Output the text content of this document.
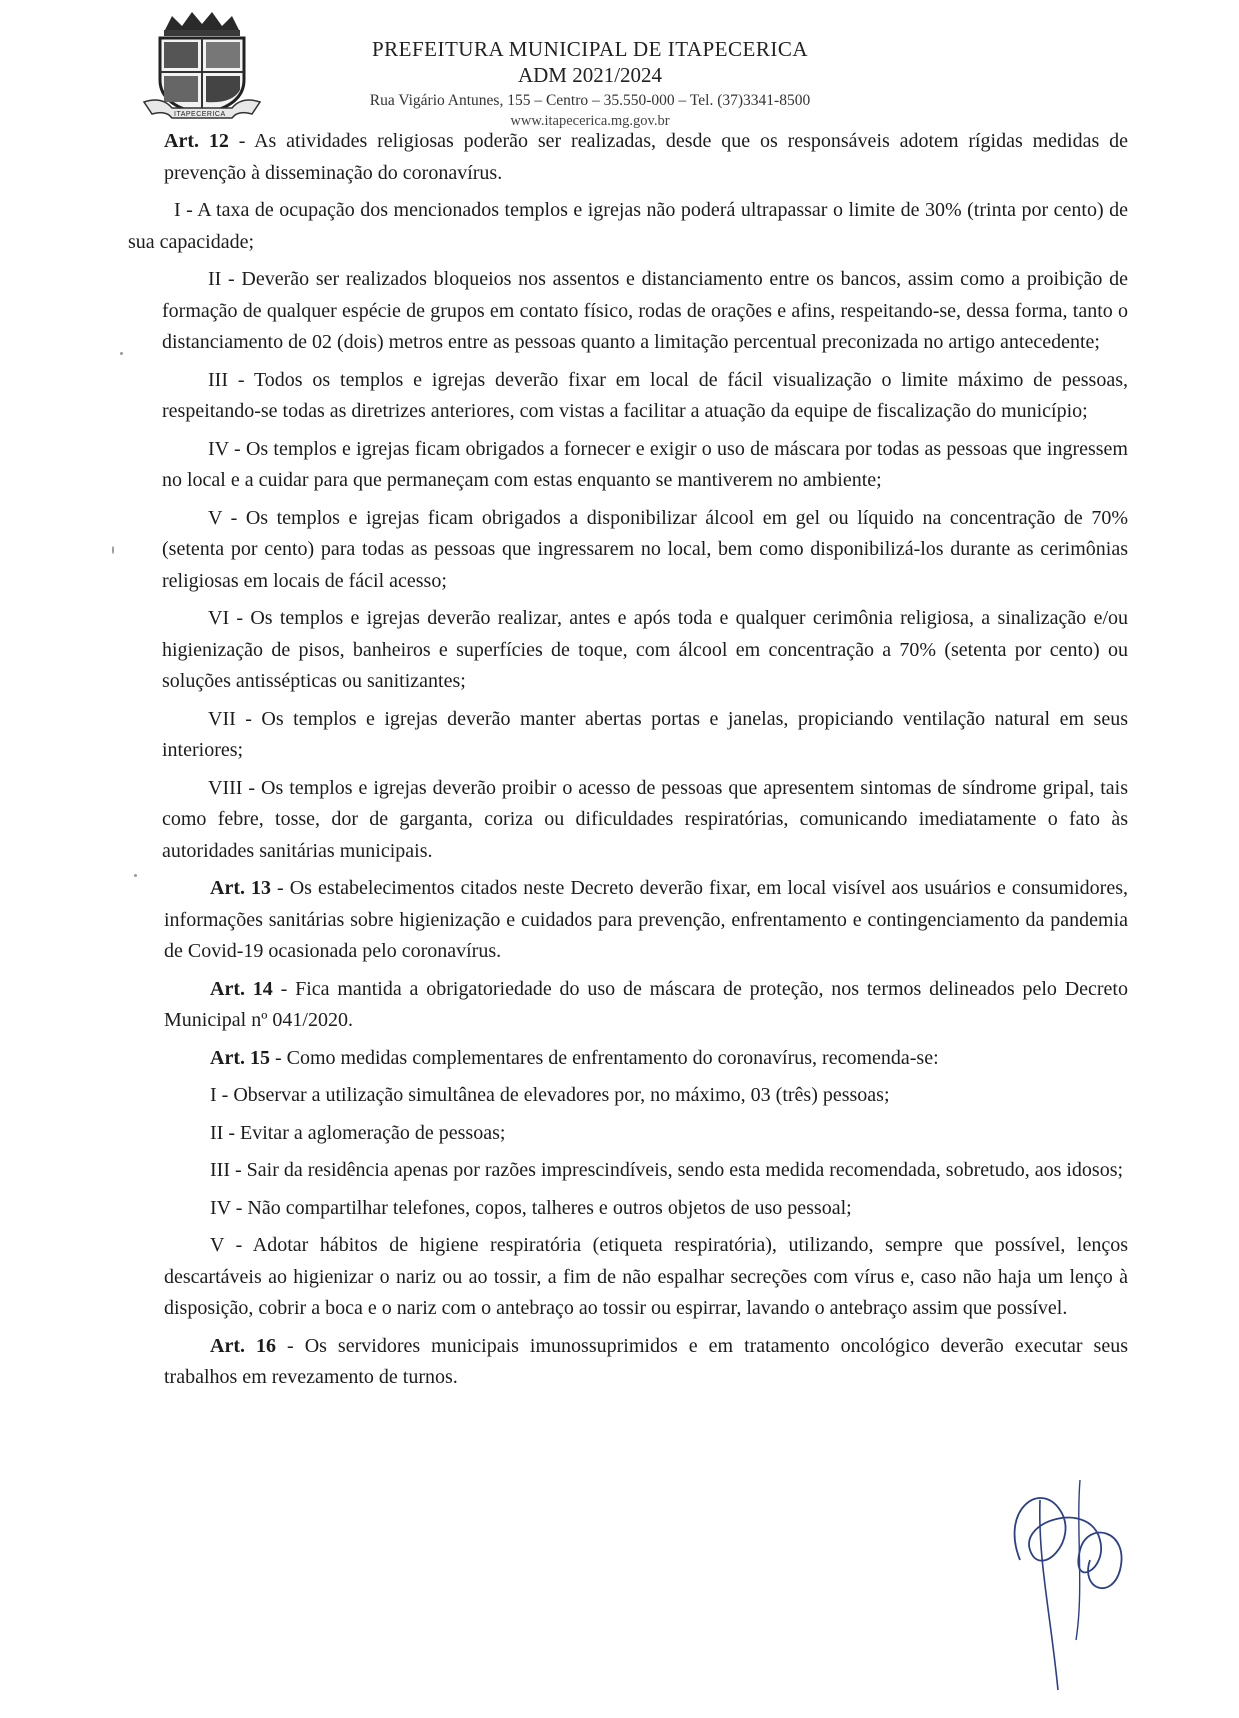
ITAPECERICA
PREFEITURA MUNICIPAL DE ITAPECERICA
ADM 2021/2024
Rua Vigário Antunes, 155 – Centro – 35.550-000 – Tel. (37)3341-8500
www.itapecerica.mg.gov.br

Art. 12 - As atividades religiosas poderão ser realizadas, desde que os responsáveis adotem rígidas medidas de prevenção à disseminação do coronavírus.

I - A taxa de ocupação dos mencionados templos e igrejas não poderá ultrapassar o limite de 30% (trinta por cento) de sua capacidade;

II - Deverão ser realizados bloqueios nos assentos e distanciamento entre os bancos, assim como a proibição de formação de qualquer espécie de grupos em contato físico, rodas de orações e afins, respeitando-se, dessa forma, tanto o distanciamento de 02 (dois) metros entre as pessoas quanto a limitação percentual preconizada no artigo antecedente;

III - Todos os templos e igrejas deverão fixar em local de fácil visualização o limite máximo de pessoas, respeitando-se todas as diretrizes anteriores, com vistas a facilitar a atuação da equipe de fiscalização do município;

IV - Os templos e igrejas ficam obrigados a fornecer e exigir o uso de máscara por todas as pessoas que ingressem no local e a cuidar para que permaneçam com estas enquanto se mantiverem no ambiente;

V - Os templos e igrejas ficam obrigados a disponibilizar álcool em gel ou líquido na concentração de 70% (setenta por cento) para todas as pessoas que ingressarem no local, bem como disponibilizá-los durante as cerimônias religiosas em locais de fácil acesso;

VI - Os templos e igrejas deverão realizar, antes e após toda e qualquer cerimônia religiosa, a sinalização e/ou higienização de pisos, banheiros e superfícies de toque, com álcool em concentração a 70% (setenta por cento) ou soluções antissépticas ou sanitizantes;

VII - Os templos e igrejas deverão manter abertas portas e janelas, propiciando ventilação natural em seus interiores;

VIII - Os templos e igrejas deverão proibir o acesso de pessoas que apresentem sintomas de síndrome gripal, tais como febre, tosse, dor de garganta, coriza ou dificuldades respiratórias, comunicando imediatamente o fato às autoridades sanitárias municipais.

Art. 13 - Os estabelecimentos citados neste Decreto deverão fixar, em local visível aos usuários e consumidores, informações sanitárias sobre higienização e cuidados para prevenção, enfrentamento e contingenciamento da pandemia de Covid-19 ocasionada pelo coronavírus.

Art. 14 - Fica mantida a obrigatoriedade do uso de máscara de proteção, nos termos delineados pelo Decreto Municipal nº 041/2020.

Art. 15 - Como medidas complementares de enfrentamento do coronavírus, recomenda-se:

I - Observar a utilização simultânea de elevadores por, no máximo, 03 (três) pessoas;

II - Evitar a aglomeração de pessoas;

III - Sair da residência apenas por razões imprescindíveis, sendo esta medida recomendada, sobretudo, aos idosos;

IV - Não compartilhar telefones, copos, talheres e outros objetos de uso pessoal;

V - Adotar hábitos de higiene respiratória (etiqueta respiratória), utilizando, sempre que possível, lenços descartáveis ao higienizar o nariz ou ao tossir, a fim de não espalhar secreções com vírus e, caso não haja um lenço à disposição, cobrir a boca e o nariz com o antebraço ao tossir ou espirrar, lavando o antebraço assim que possível.

Art. 16 - Os servidores municipais imunossuprimidos e em tratamento oncológico deverão executar seus trabalhos em revezamento de turnos.
